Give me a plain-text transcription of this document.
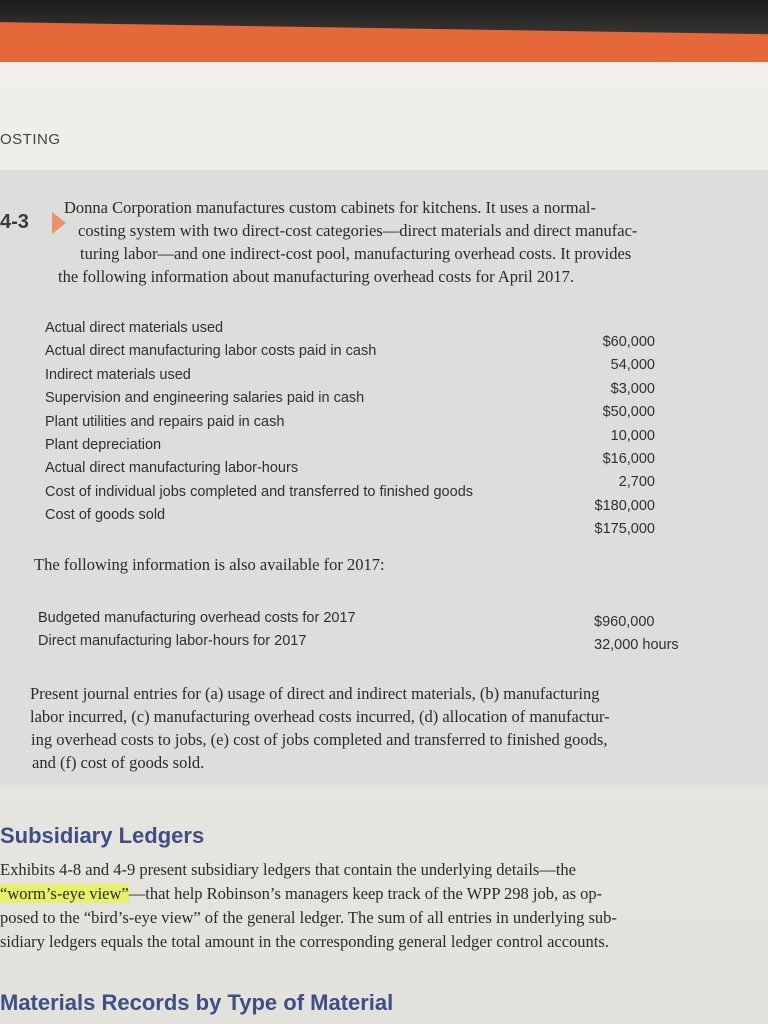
OSTING
4-3

Donna Corporation manufactures custom cabinets for kitchens. It uses a normal-
costing system with two direct-cost categories—direct materials and direct manufac-
turing labor—and one indirect-cost pool, manufacturing overhead costs. It provides
the following information about manufacturing overhead costs for April 2017.

Actual direct materials used
$60,000
Actual direct manufacturing labor costs paid in cash
54,000
Indirect materials used
$3,000
Supervision and engineering salaries paid in cash
$50,000
Plant utilities and repairs paid in cash
10,000
Plant depreciation
$16,000
Actual direct manufacturing labor-hours
2,700
Cost of individual jobs completed and transferred to finished goods
$180,000
Cost of goods sold
$175,000

The following information is also available for 2017:

Budgeted manufacturing overhead costs for 2017	$960,000
Direct manufacturing labor-hours for 2017	32,000 hours

Present journal entries for (a) usage of direct and indirect materials, (b) manufacturing
labor incurred, (c) manufacturing overhead costs incurred, (d) allocation of manufactur-
ing overhead costs to jobs, (e) cost of jobs completed and transferred to finished goods,
and (f) cost of goods sold.

Subsidiary Ledgers

Exhibits 4-8 and 4-9 present subsidiary ledgers that contain the underlying details—the
“worm’s-eye view”—that help Robinson’s managers keep track of the WPP 298 job, as op-
posed to the “bird’s-eye view” of the general ledger. The sum of all entries in underlying sub-
sidiary ledgers equals the total amount in the corresponding general ledger control accounts.

Materials Records by Type of Material
